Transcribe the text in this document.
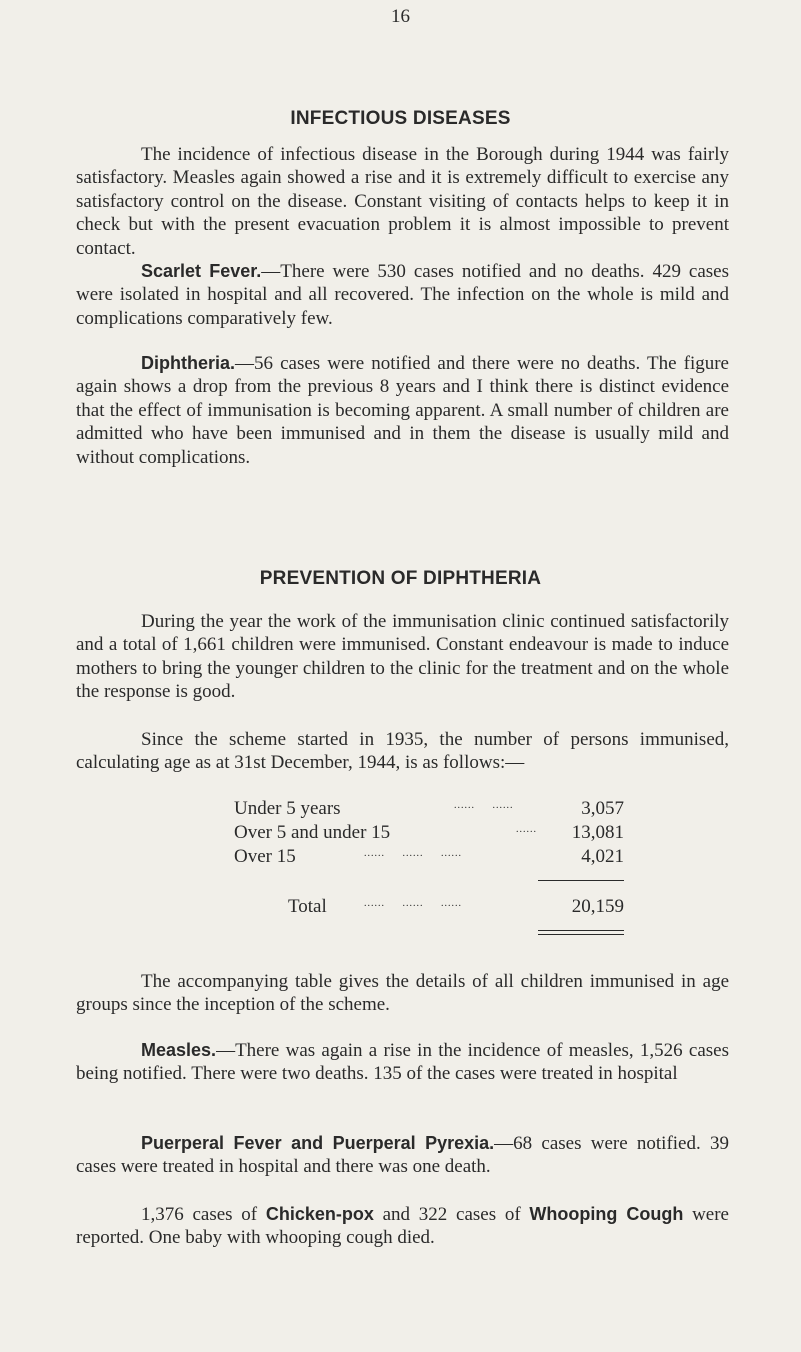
16
INFECTIOUS DISEASES
The incidence of infectious disease in the Borough during 1944 was fairly satisfactory. Measles again showed a rise and it is extremely difficult to exercise any satisfactory control on the disease. Constant visiting of contacts helps to keep it in check but with the present evacuation problem it is almost impossible to prevent contact.
Scarlet Fever.—There were 530 cases notified and no deaths. 429 cases were isolated in hospital and all recovered. The infection on the whole is mild and complications comparatively few.
Diphtheria.—56 cases were notified and there were no deaths. The figure again shows a drop from the previous 8 years and I think there is distinct evidence that the effect of immunisation is becoming apparent. A small number of children are admitted who have been immunised and in them the disease is usually mild and without complications.
PREVENTION OF DIPHTHERIA
During the year the work of the immunisation clinic continued satisfactorily and a total of 1,661 children were immunised. Constant endeavour is made to induce mothers to bring the younger children to the clinic for the treatment and on the whole the response is good.
Since the scheme started in 1935, the number of persons immunised, calculating age as at 31st December, 1944, is as follows:—
Under 5 years	......     ......	3,057
Over 5 and under 15	...... 13,081
Over 15	......     ......     ......	4,021
Total	......     ......     ......	20,159
The accompanying table gives the details of all children immunised in age groups since the inception of the scheme.
Measles.—There was again a rise in the incidence of measles, 1,526 cases being notified. There were two deaths. 135 of the cases were treated in hospital
Puerperal Fever and Puerperal Pyrexia.—68 cases were notified. 39 cases were treated in hospital and there was one death.
1,376 cases of Chicken-pox and 322 cases of Whooping Cough were reported. One baby with whooping cough died.
